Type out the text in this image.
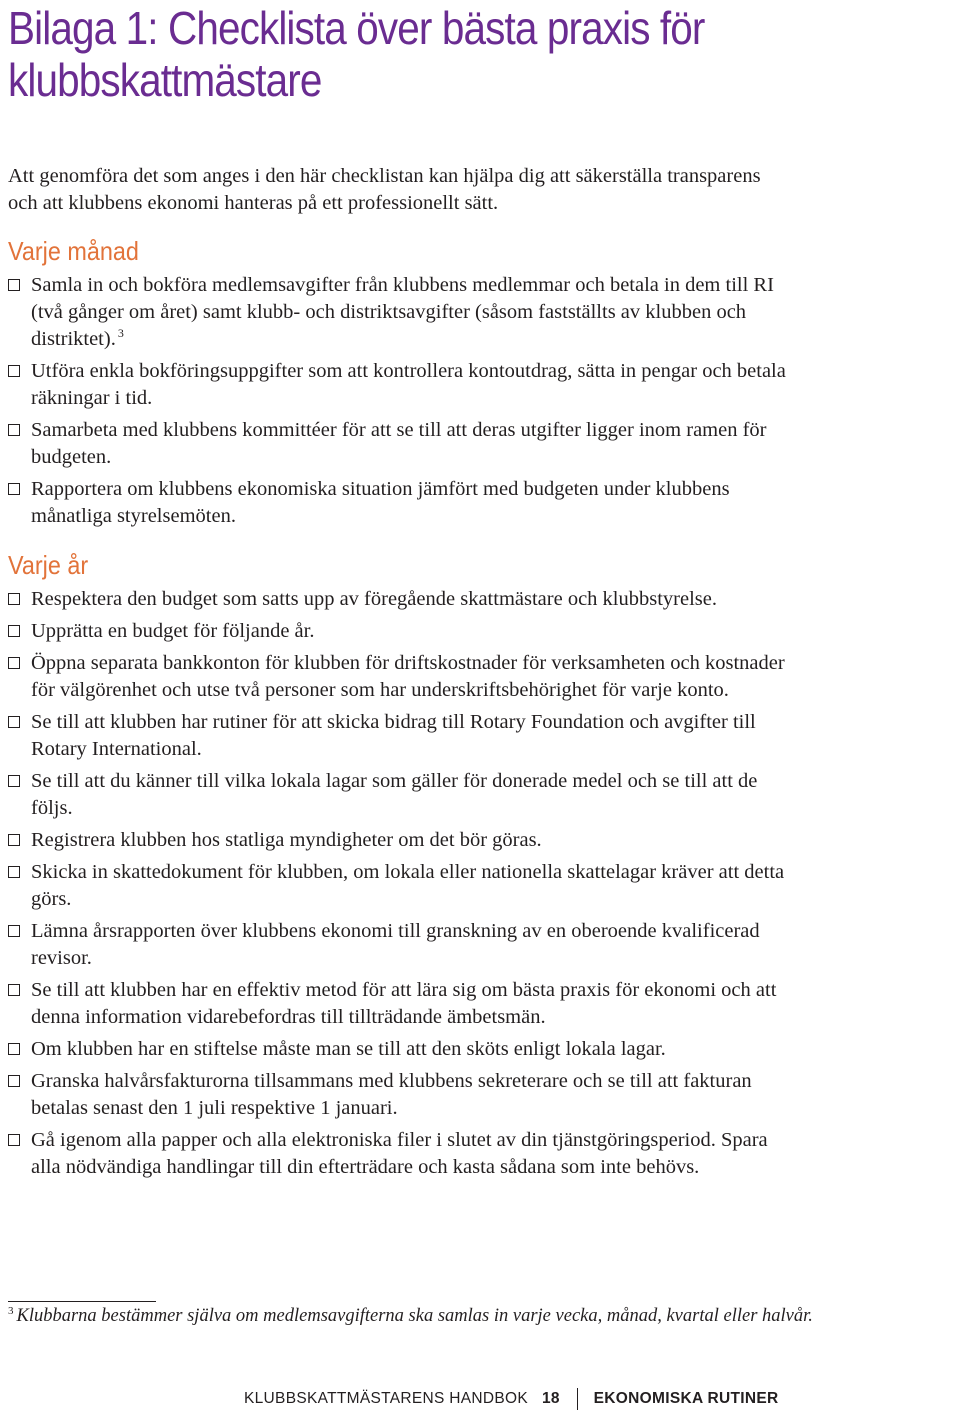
Bilaga 1: Checklista över bästa praxis för
klubbskattmästare

Att genomföra det som anges i den här checklistan kan hjälpa dig att säkerställa transparens
och att klubbens ekonomi hanteras på ett professionellt sätt.

Varje månad
Samla in och bokföra medlemsavgifter från klubbens medlemmar och betala in dem till RI
(två gånger om året) samt klubb- och distriktsavgifter (såsom fastställts av klubben och
distriktet). $^3$
Utföra enkla bokföringsuppgifter som att kontrollera kontoutdrag, sätta in pengar och betala
räkningar i tid.
Samarbeta med klubbens kommittéer för att se till att deras utgifter ligger inom ramen för
budgeten.
Rapportera om klubbens ekonomiska situation jämfört med budgeten under klubbens
månatliga styrelsemöten.
Varje år
Respektera den budget som satts upp av föregående skattmästare och klubbstyrelse.
Upprätta en budget för följande år.
Öppna separata bankkonton för klubben för driftskostnader för verksamheten och kostnader
för välgörenhet och utse två personer som har underskriftsbehörighet för varje konto.
Se till att klubben har rutiner för att skicka bidrag till Rotary Foundation och avgifter till
Rotary International.
Se till att du känner till vilka lokala lagar som gäller för donerade medel och se till att de
följs.
Registrera klubben hos statliga myndigheter om det bör göras.
Skicka in skattedokument för klubben, om lokala eller nationella skattelagar kräver att detta
görs.
Lämna årsrapporten över klubbens ekonomi till granskning av en oberoende kvalificerad
revisor.
Se till att klubben har en effektiv metod för att lära sig om bästa praxis för ekonomi och att
denna information vidarebefordras till tillträdande ämbetsmän.
Om klubben har en stiftelse måste man se till att den sköts enligt lokala lagar.
Granska halvårsfakturorna tillsammans med klubbens sekreterare och se till att fakturan
betalas senast den 1 juli respektive 1 januari.
Gå igenom alla papper och alla elektroniska filer i slutet av din tjänstgöringsperiod. Spara
alla nödvändiga handlingar till din efterträdare och kasta sådana som inte behövs.

$^3$ Klubbarna bestämmer själva om medlemsavgifterna ska samlas in varje vecka, månad, kvartal eller halvår.

KLUBBSKATTMÄSTARENS HANDBOK 18 EKONOMISKA RUTINER
